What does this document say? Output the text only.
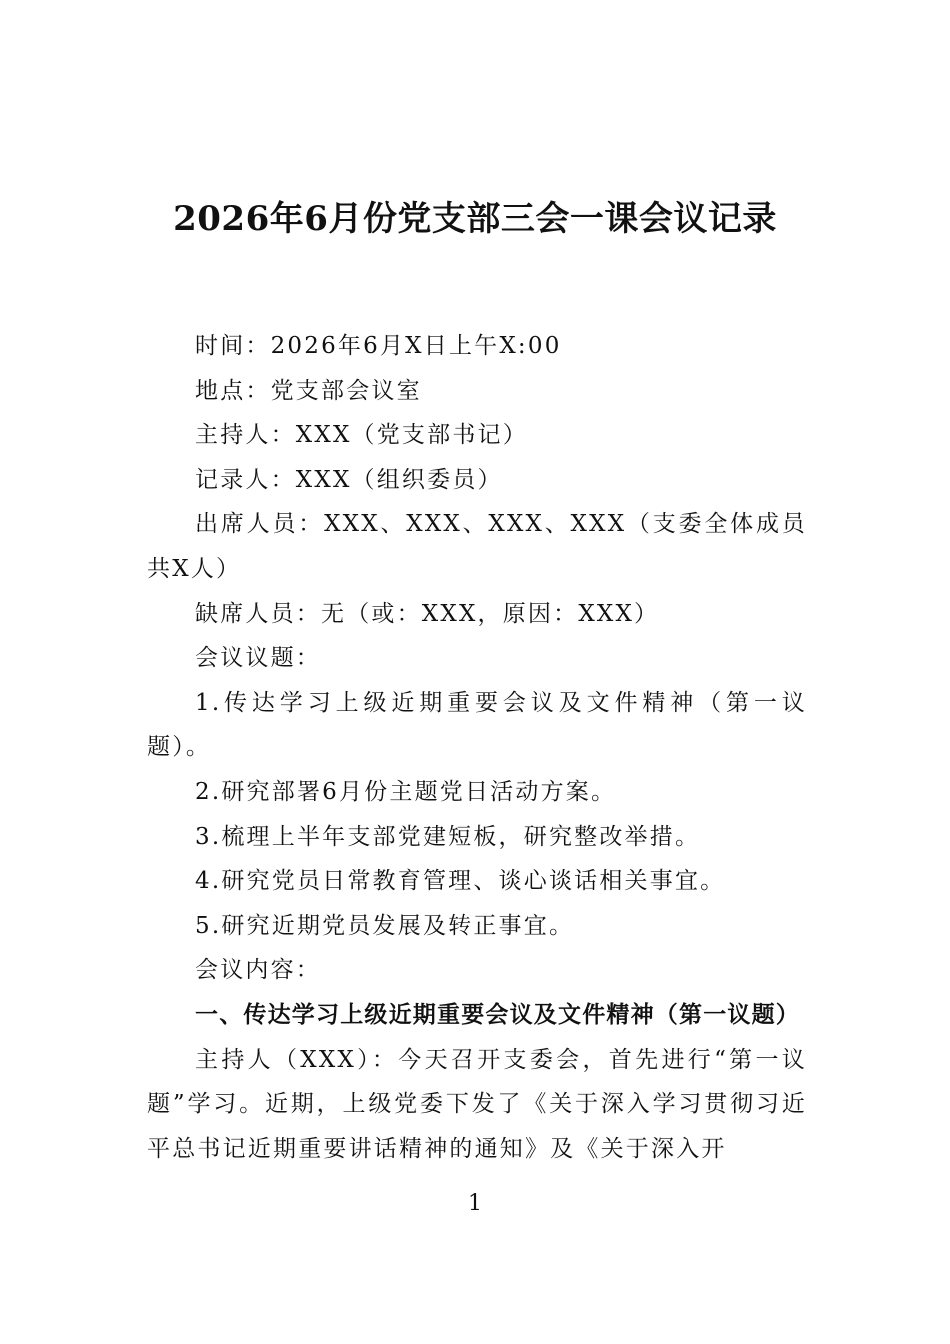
2026年6月份党支部三会一课会议记录

时间：2026年6月X日上午X:00

地点：党支部会议室

主持人：XXX（党支部书记）

记录人：XXX（组织委员）

出席人员：XXX、XXX、XXX、XXX（支委全体成员共X人）

缺席人员：无（或：XXX，原因：XXX）

会议议题：

1.传达学习上级近期重要会议及文件精神（第一议题）。

2.研究部署6月份主题党日活动方案。

3.梳理上半年支部党建短板，研究整改举措。

4.研究党员日常教育管理、谈心谈话相关事宜。

5.研究近期党员发展及转正事宜。

会议内容：

一、传达学习上级近期重要会议及文件精神（第一议题）

主持人（XXX）：今天召开支委会，首先进行“第一议题”学习。近期，上级党委下发了《关于深入学习贯彻习近平总书记近期重要讲话精神的通知》及《关于深入开

1
